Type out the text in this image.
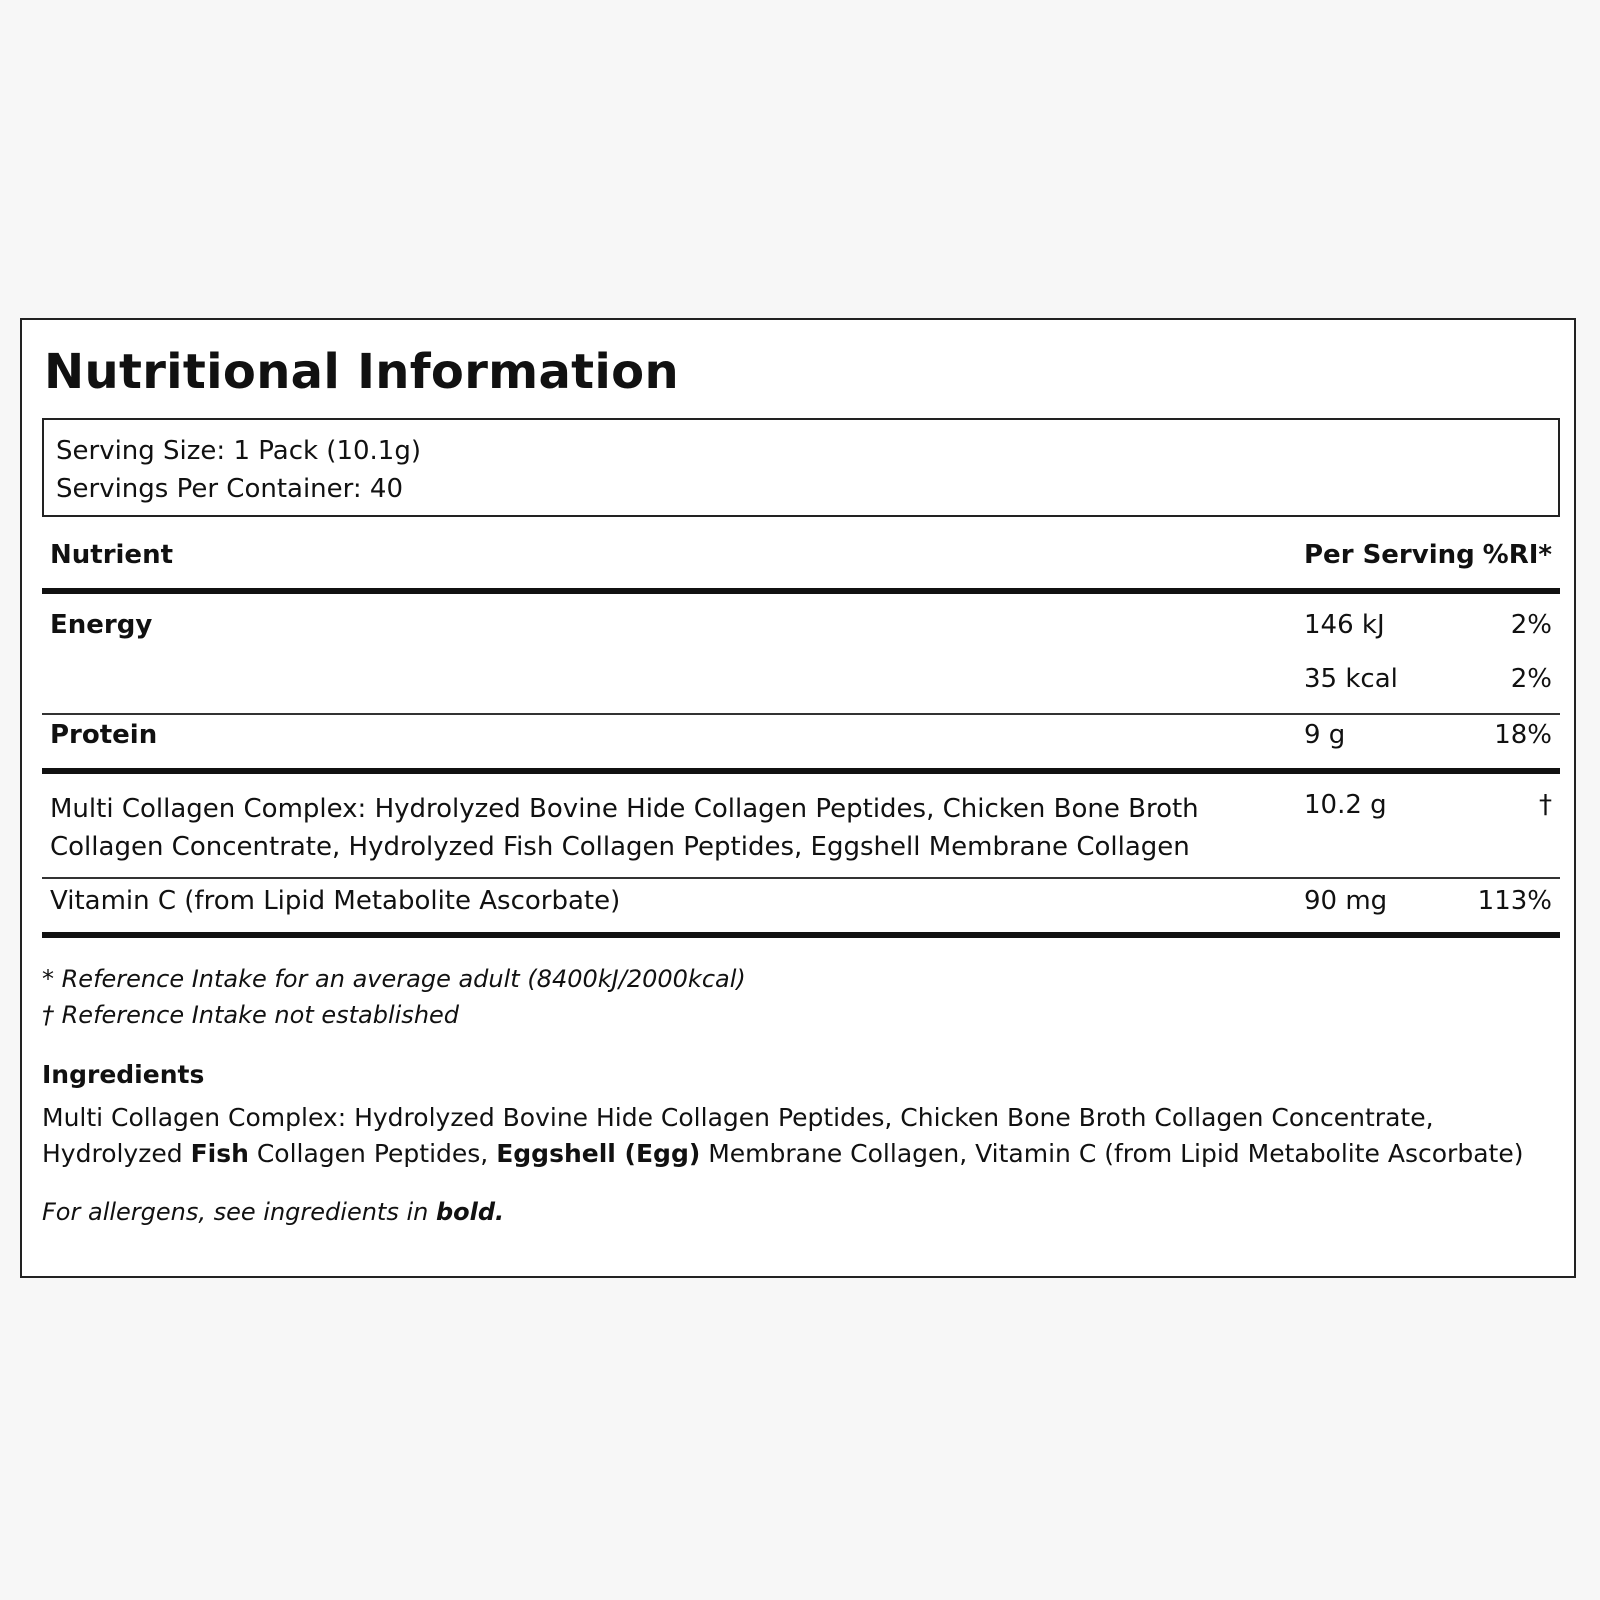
Nutritional Information
Serving Size: 1 Pack (10.1g)
Servings Per Container: 40
Nutrient	Per Serving %RI*
Energy	146 kJ	2%
35 kcal	2%
Protein	9 g	18%
Multi Collagen Complex: Hydrolyzed Bovine Hide Collagen Peptides, Chicken Bone Broth
Collagen Concentrate, Hydrolyzed Fish Collagen Peptides, Eggshell Membrane Collagen
10.2 g	†
Vitamin C (from Lipid Metabolite Ascorbate)	90 mg	113%
* Reference Intake for an average adult (8400kJ/2000kcal)
† Reference Intake not established
Ingredients
Multi Collagen Complex: Hydrolyzed Bovine Hide Collagen Peptides, Chicken Bone Broth Collagen Concentrate, Hydrolyzed Fish Collagen Peptides, Eggshell (Egg) Membrane Collagen, Vitamin C (from Lipid Metabolite Ascorbate)
For allergens, see ingredients in bold.
